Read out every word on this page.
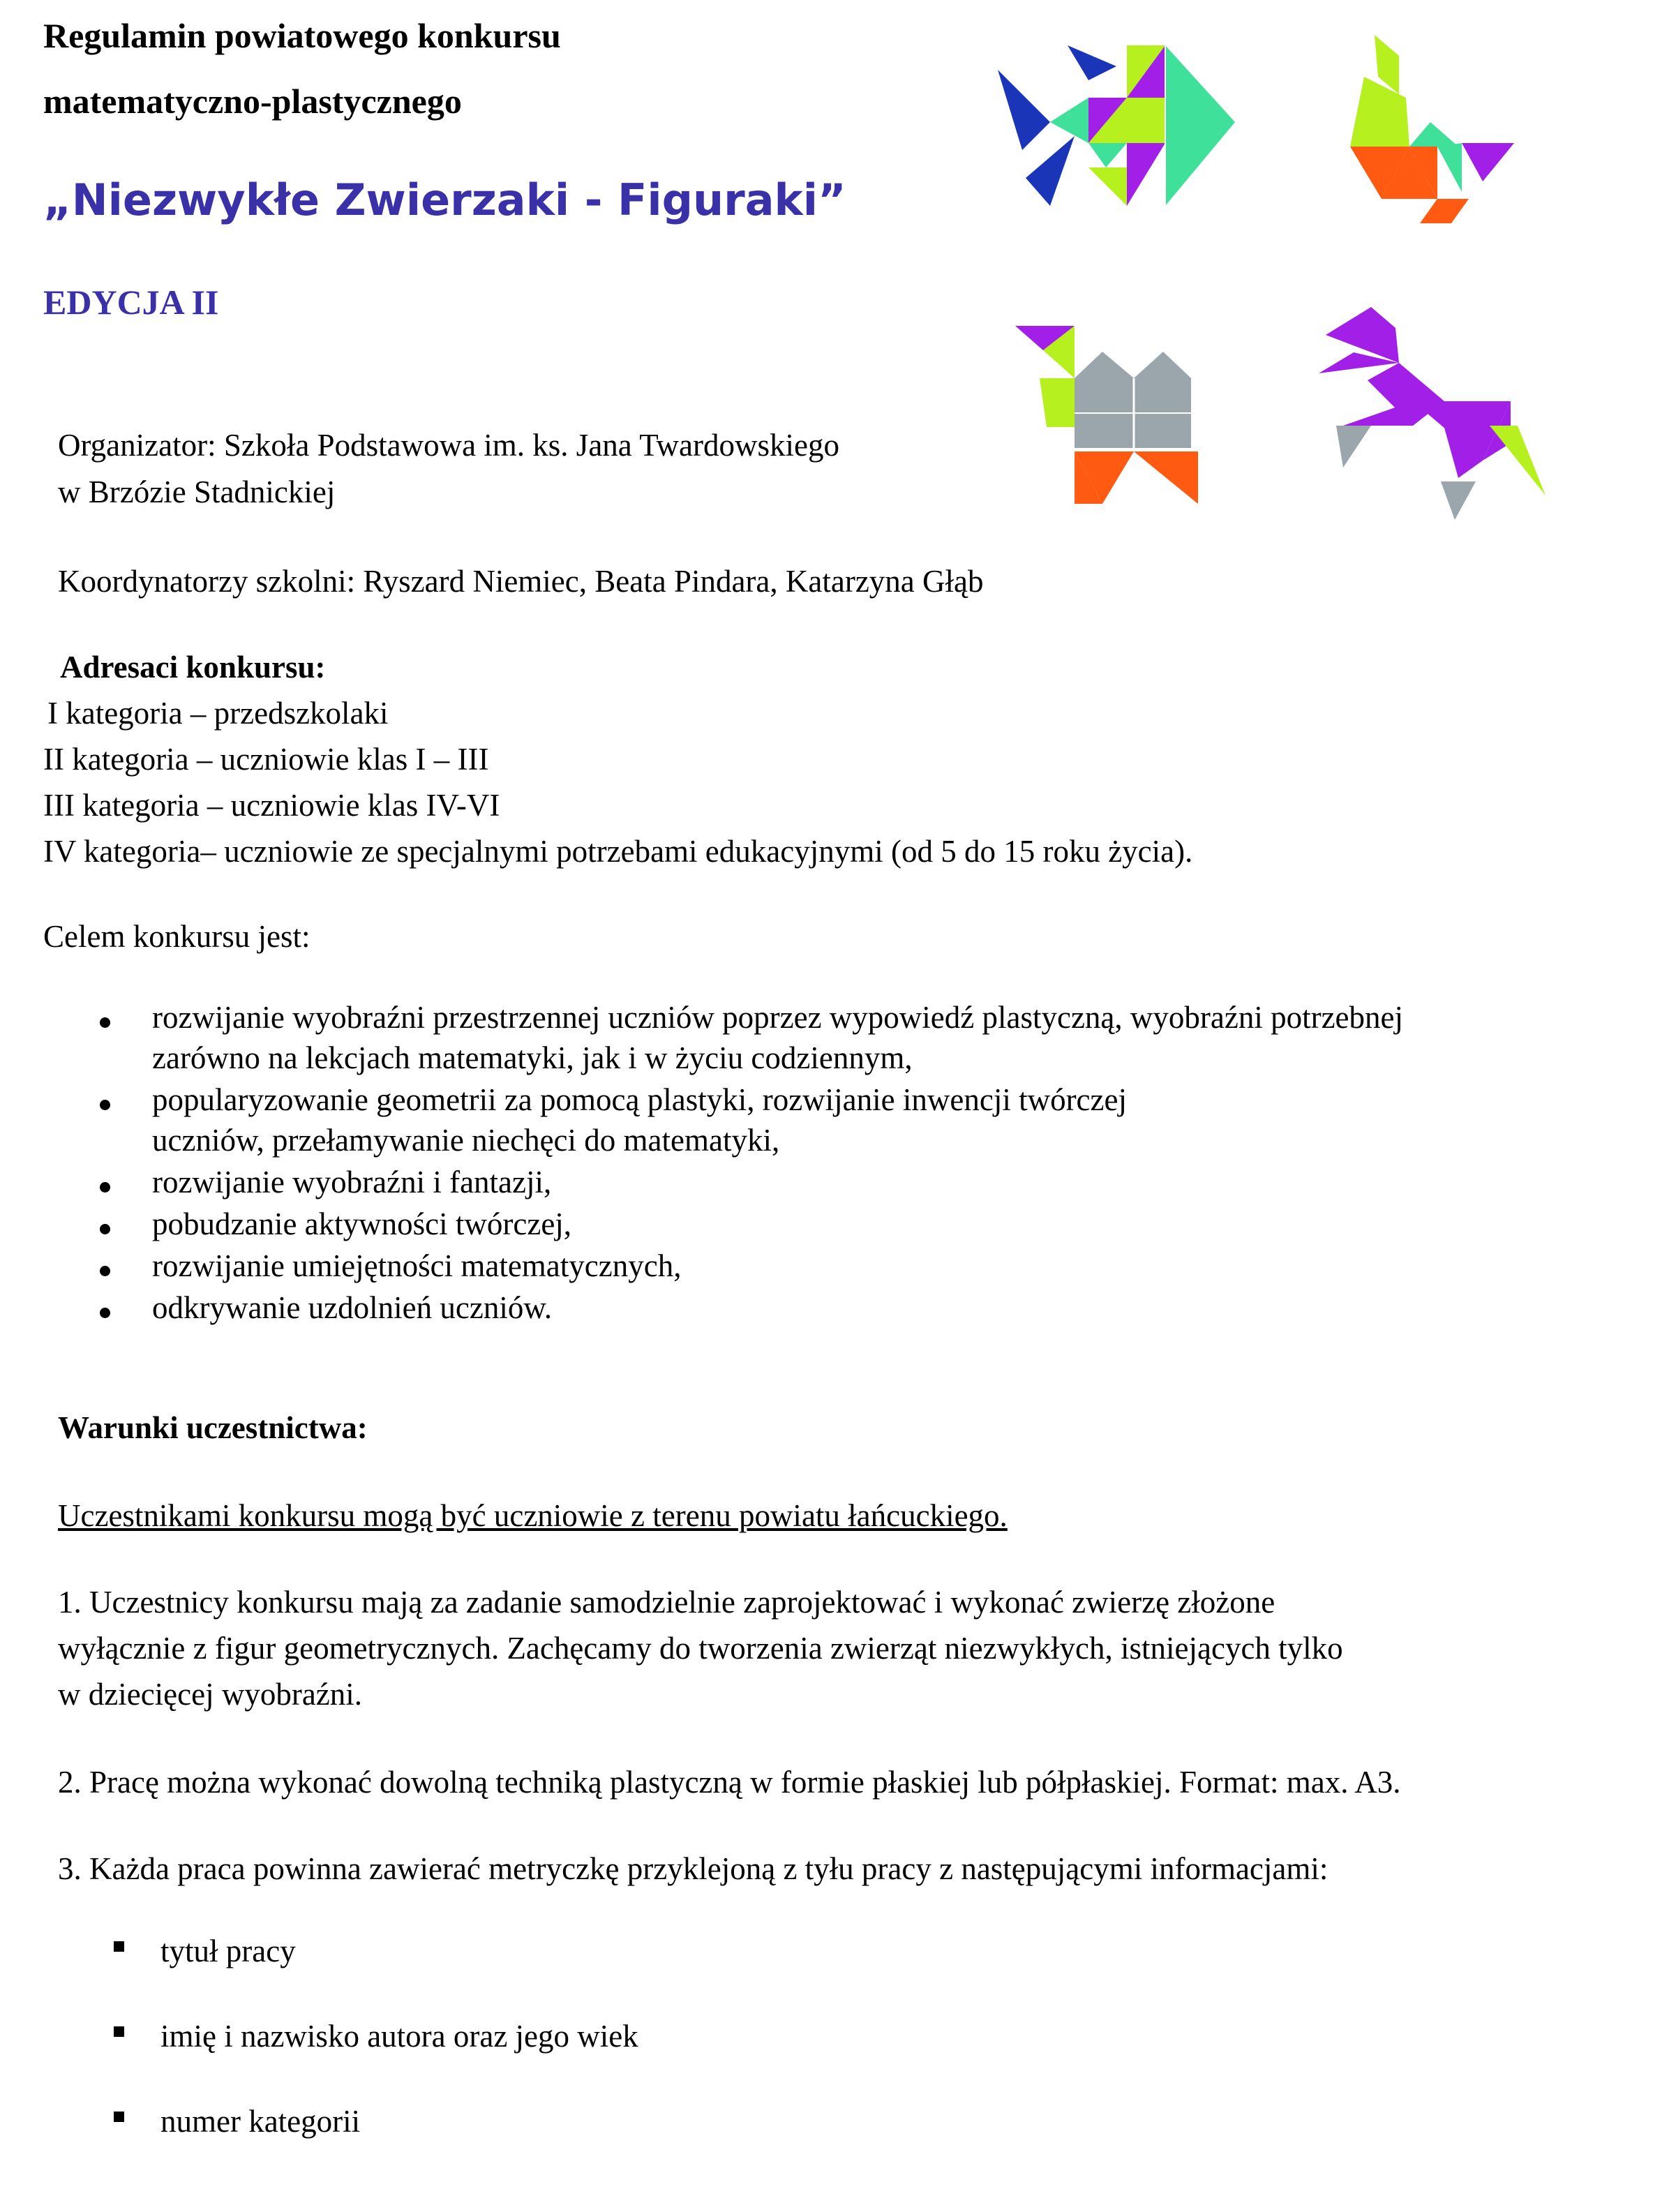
Regulamin powiatowego konkursu
matematyczno-plastycznego
„Niezwykłe Zwierzaki - Figuraki”
EDYCJA II
Organizator: Szkoła Podstawowa im. ks. Jana Twardowskiego
w Brzózie Stadnickiej
Koordynatorzy szkolni: Ryszard Niemiec, Beata Pindara, Katarzyna Głąb
Adresaci konkursu:
I kategoria – przedszkolaki
II kategoria – uczniowie klas I – III
III kategoria – uczniowie klas IV-VI
IV kategoria– uczniowie ze specjalnymi potrzebami edukacyjnymi (od 5 do 15 roku życia).
Celem konkursu jest:
rozwijanie wyobraźni przestrzennej uczniów poprzez wypowiedź plastyczną, wyobraźni potrzebnej
zarówno na lekcjach matematyki, jak i w życiu codziennym,
popularyzowanie geometrii za pomocą plastyki, rozwijanie inwencji twórczej
uczniów, przełamywanie niechęci do matematyki,
rozwijanie wyobraźni i fantazji,
pobudzanie aktywności twórczej,
rozwijanie umiejętności matematycznych,
odkrywanie uzdolnień uczniów.
Warunki uczestnictwa:
Uczestnikami konkursu mogą być uczniowie z terenu powiatu łańcuckiego.
1. Uczestnicy konkursu mają za zadanie samodzielnie zaprojektować i wykonać zwierzę złożone
wyłącznie z figur geometrycznych. Zachęcamy do tworzenia zwierząt niezwykłych, istniejących tylko
w dziecięcej wyobraźni.
2. Pracę można wykonać dowolną techniką plastyczną w formie płaskiej lub półpłaskiej. Format: max. A3.
3. Każda praca powinna zawierać metryczkę przyklejoną z tyłu pracy z następującymi informacjami:
tytuł pracy
imię i nazwisko autora oraz jego wiek
numer kategorii
